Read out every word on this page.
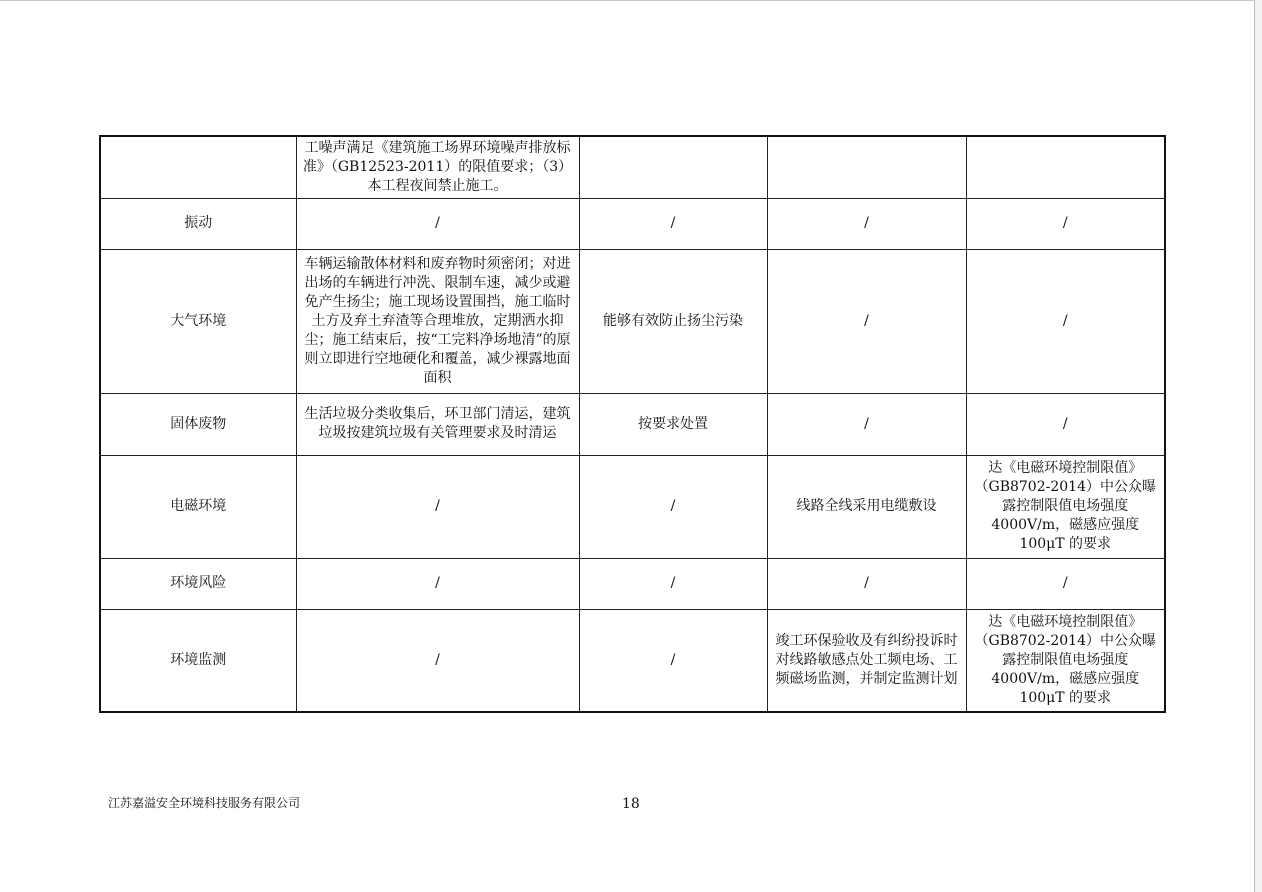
	工噪声满足《建筑施工场界环境噪声排放标准》（GB12523-2011）的限值要求；（3）本工程夜间禁止施工。			
振动	/	/	/	/
大气环境	车辆运输散体材料和废弃物时须密闭；对进出场的车辆进行冲洗、限制车速，减少或避免产生扬尘；施工现场设置围挡，施工临时土方及弃土弃渣等合理堆放，定期洒水抑尘；施工结束后，按“工完料净场地清”的原则立即进行空地硬化和覆盖，减少裸露地面面积	能够有效防止扬尘污染	/	/
固体废物	生活垃圾分类收集后，环卫部门清运，建筑垃圾按建筑垃圾有关管理要求及时清运	按要求处置	/	/
电磁环境	/	/	线路全线采用电缆敷设	达《电磁环境控制限值》（GB8702-2014）中公众曝露控制限值电场强度4000V/m，磁感应强度100μT 的要求
环境风险	/	/	/	/
环境监测	/	/	竣工环保验收及有纠纷投诉时对线路敏感点处工频电场、工频磁场监测，并制定监测计划	达《电磁环境控制限值》（GB8702-2014）中公众曝露控制限值电场强度4000V/m，磁感应强度100μT 的要求
江苏嘉溢安全环境科技服务有限公司	18
